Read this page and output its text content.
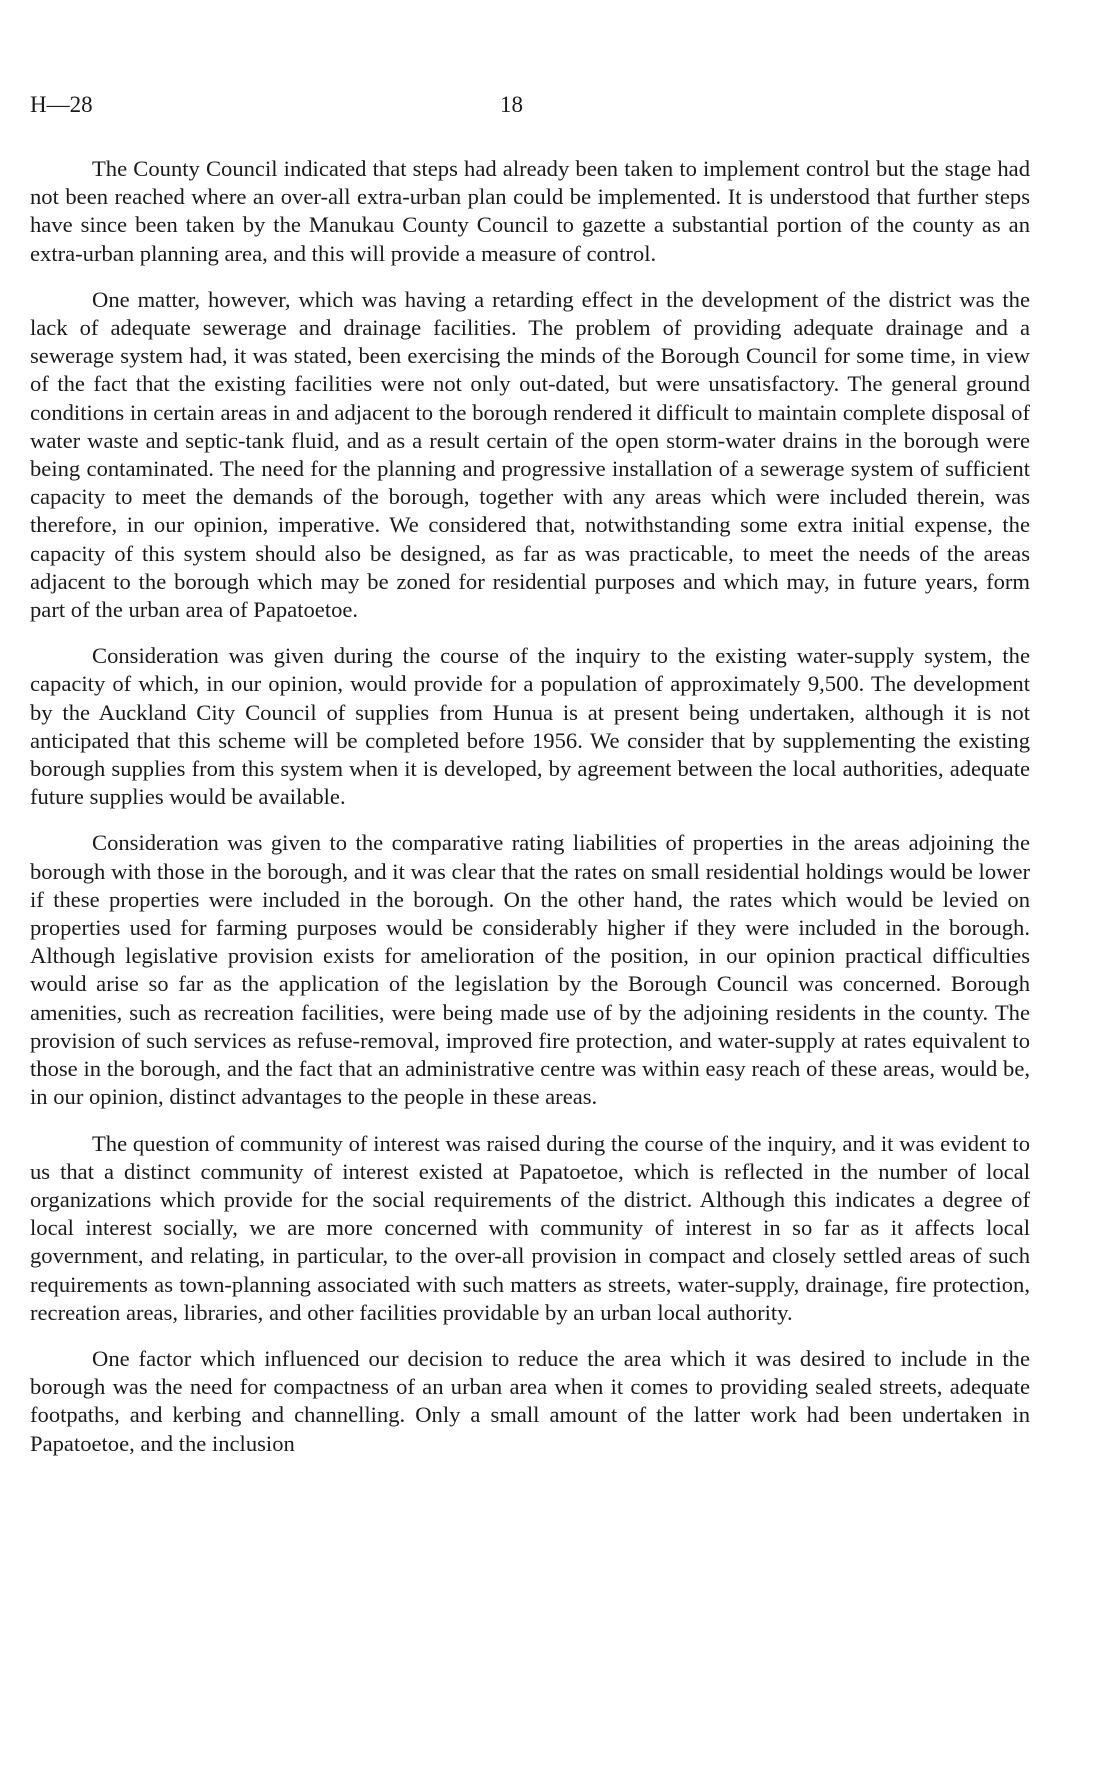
H—28	18

The County Council indicated that steps had already been taken to implement control but the stage had not been reached where an over-all extra-urban plan could be implemented. It is understood that further steps have since been taken by the Manukau County Council to gazette a substantial portion of the county as an extra-urban planning area, and this will provide a measure of control.

One matter, however, which was having a retarding effect in the development of the district was the lack of adequate sewerage and drainage facilities. The problem of providing adequate drainage and a sewerage system had, it was stated, been exercising the minds of the Borough Council for some time, in view of the fact that the existing facilities were not only out-dated, but were unsatisfactory. The general ground conditions in certain areas in and adjacent to the borough rendered it difficult to maintain complete disposal of water waste and septic-tank fluid, and as a result certain of the open storm-water drains in the borough were being contaminated. The need for the planning and progressive installation of a sewerage system of sufficient capacity to meet the demands of the borough, together with any areas which were included therein, was therefore, in our opinion, imperative. We considered that, notwithstanding some extra initial expense, the capacity of this system should also be designed, as far as was practicable, to meet the needs of the areas adjacent to the borough which may be zoned for residential purposes and which may, in future years, form part of the urban area of Papatoetoe.

Consideration was given during the course of the inquiry to the existing water-supply system, the capacity of which, in our opinion, would provide for a population of approximately 9,500. The development by the Auckland City Council of supplies from Hunua is at present being undertaken, although it is not anticipated that this scheme will be completed before 1956. We consider that by supplementing the existing borough supplies from this system when it is developed, by agreement between the local authorities, adequate future supplies would be available.

Consideration was given to the comparative rating liabilities of properties in the areas adjoining the borough with those in the borough, and it was clear that the rates on small residential holdings would be lower if these properties were included in the borough. On the other hand, the rates which would be levied on properties used for farming purposes would be considerably higher if they were included in the borough. Although legislative provision exists for amelioration of the position, in our opinion practical difficulties would arise so far as the application of the legislation by the Borough Council was concerned. Borough amenities, such as recreation facilities, were being made use of by the adjoining residents in the county. The provision of such services as refuse-removal, improved fire protection, and water-supply at rates equivalent to those in the borough, and the fact that an administrative centre was within easy reach of these areas, would be, in our opinion, distinct advantages to the people in these areas.

The question of community of interest was raised during the course of the inquiry, and it was evident to us that a distinct community of interest existed at Papatoetoe, which is reflected in the number of local organizations which provide for the social requirements of the district. Although this indicates a degree of local interest socially, we are more concerned with community of interest in so far as it affects local government, and relating, in particular, to the over-all provision in compact and closely settled areas of such requirements as town-planning associated with such matters as streets, water-supply, drainage, fire protection, recreation areas, libraries, and other facilities providable by an urban local authority.

One factor which influenced our decision to reduce the area which it was desired to include in the borough was the need for compactness of an urban area when it comes to providing sealed streets, adequate footpaths, and kerbing and channelling. Only a small amount of the latter work had been undertaken in Papatoetoe, and the inclusion
